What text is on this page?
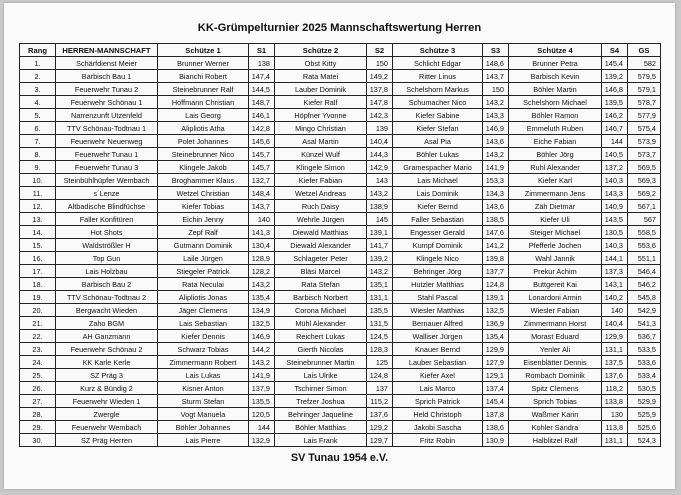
KK-Grümpelturnier 2025 Mannschaftswertung Herren
Rang	HERREN-MANNSCHAFT	Schütze 1	S1	Schütze 2	S2	Schütze 3	S3	Schütze 4	S4	GS
1.	Schärfdienst Meier	Brunner Werner	138	Obst Kitty	150	Schlicht Edgar	148,6	Brunner Petra	145,4	582
2.	Barbisch Bau 1	Bianchi Robert	147,4	Rata Matei	149,2	Ritter Linus	143,7	Barbisch Kevin	139,2	579,5
3.	Feuerwehr Tunau 2	Steinebrunner Ralf	144,5	Lauber Dominik	137,8	Schelshorn Markus	150	Böhler Martin	146,8	579,1
4.	Feuerwehr Schönau 1	Hoffmann Christian	148,7	Kiefer Ralf	147,8	Schumacher Nico	143,2	Schelshorn Michael	139,5	578,7
5.	Narrenzunft Utzenfeld	Lais Georg	146,1	Höpfner Yvonne	142,3	Kiefer Sabine	143,3	Böhler Ramon	146,2	577,9
6.	TTV Schönau-Todtnau 1	Alipliotis Atha	142,8	Mingo Christian	139	Kiefer Stefan	146,9	Emmeluth Ruben	146,7	575,4
7.	Feuerwehr Neuenweg	Polet Johannes	145,6	Asal Martin	140,4	Asal Pia	143,6	Eiche Fabian	144	573,9
8.	Feuerwehr Tunau 1	Steinebrunner Nico	145,7	Künzel Wulf	144,3	Böhler Lukas	143,2	Böhler Jörg	140,5	573,7
9.	Feuerwehr Tunau 3	Klingele Jakob	145,7	Klingele Simon	142,9	Gramespacher Mario	141,9	Ruhl Alexander	137,2	569,5
10.	Steinbühlhüpfer Wembach	Broghammer Klaus	132,7	Kiefer Fabian	143	Lais Michael	153,3	Kiefer Karl	140,3	569,3
11.	s´Lenze	Wetzel Christian	148,4	Wetzel Andreas	143,2	Lais Dominik	134,3	Zimmermann Jens	143,3	569,2
12.	Altbadische Blindfüchse	Kiefer Tobias	143,7	Ruch Daisy	138,9	Kiefer Bernd	143,6	Zäh Dietmar	140,9	567,1
13.	Faller Konfitüren	Eichin Jenny	140	Wehrle Jürgen	145	Faller Sebastian	138,5	Kiefer Uli	143,5	567
14.	Hot Shots	Zepf Ralf	141,3	Diewald Matthias	139,1	Engesser Gerald	147,6	Steiger Michael	130,5	558,5
15.	Waldströßler H	Gutmann Dominik	130,4	Diewald Alexander	141,7	Kumpf Dominik	141,2	Pfefferle Jochen	140,3	553,6
16.	Top Gun	Laile Jürgen	128,9	Schlageter Peter	139,2	Klingele Nico	139,8	Wahl Jannik	144,1	551,1
17.	Lais Holzbau	Stiegeler Patrick	128,2	Bläsi Marcel	143,2	Behringer Jörg	137,7	Prekur Achim	137,3	546,4
18.	Barbisch Bau 2	Rata Neculai	143,2	Rata Stefan	135,1	Hutzler Matthias	124,8	Buttgereit Kai	143,1	546,2
19.	TTV Schönau-Todtnau 2	Alipliotis Jonas	135,4	Barbisch Norbert	131,1	Stahl Pascal	139,1	Lonardoni Armin	140,2	545,8
20.	Bergwacht Wieden	Jäger Clemens	134,9	Corona Michael	135,5	Wiesler Matthias	132,5	Wiesler Fabian	140	542,9
21.	Zaho BGM	Lais Sebastian	132,5	Mühl Alexander	131,5	Bernauer Alfred	136,9	Zimmermann Horst	140,4	541,3
22.	AH Ganzmann	Kiefer Dennis	146,9	Reichert Lukas	124,5	Walliser Jürgen	135,4	Morast Eduard	129,9	536,7
23.	Feuerwehr Schönau 2	Schwarz Tobias	144,2	Gierth Nicolas	128,3	Knauer Bernd	129,9	Yenler Ali	131,1	533,5
24.	KK Karle Kerle	Zimmermann Robert	143,2	Steinebrunner Martin	125	Lauber Sebastian	127,9	Eisenblätter Dennis	137,5	533,6
25.	SZ Präg 3	Lais Lukas	141,9	Lais Ulrike	124,8	Kiefer Axel	129,1	Rombach Dominik	137,6	533,4
26.	Kurz & Bündig 2	Kisner Anton	137,9	Tschirner Simon	137	Lais Marco	137,4	Spitz Clemens	118,2	530,5
27.	Feuerwehr Wieden 1	Sturm Stefan	135,5	Trefzer Joshua	115,2	Sprich Patrick	145,4	Sprich Tobias	133,8	529,9
28.	Zwergle	Vogt Manuela	120,5	Behringer Jaqueline	137,6	Held Christoph	137,8	Waßmer Karin	130	525,9
29.	Feuerwehr Wembach	Böhler Johannes	144	Böhler Matthias	129,2	Jakobi Sascha	138,6	Kohler Sandra	113,8	525,6
30.	SZ Präg Herren	Lais Pierre	132,9	Lais Frank	129,7	Fritz Robin	130,9	Halblitzel Ralf	131,1	524,3
SV Tunau 1954 e.V.
